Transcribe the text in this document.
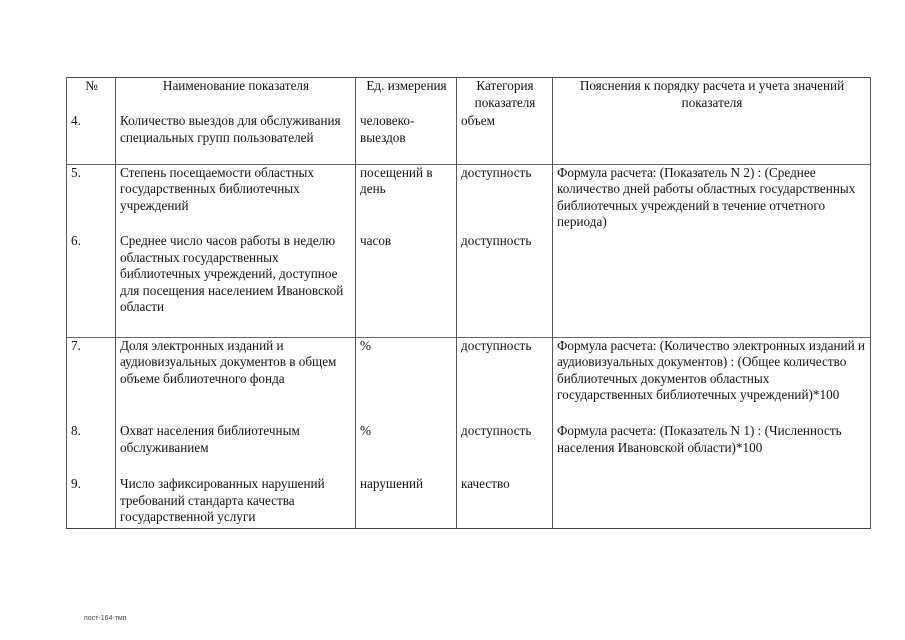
№	Наименование показателя	Ед. измерения	Категория показателя	Пояснения к порядку расчета и учета значений показателя
4.	Количество выездов для обслуживания специальных групп пользователей	человеко-выездов	объем	
5.	Степень посещаемости областных государственных библиотечных учреждений	посещений в день	доступность	Формула расчета: (Показатель N 2) : (Среднее количество дней работы областных государственных библиотечных учреждений в течение отчетного периода)
6.	Среднее число часов работы в неделю областных государственных библиотечных учреждений, доступное для посещения населением Ивановской области	часов	доступность	
7.	Доля электронных изданий и аудиовизуальных документов в общем объеме библиотечного фонда	%	доступность	Формула расчета: (Количество электронных изданий и аудиовизуальных документов) : (Общее количество библиотечных документов областных государственных библиотечных учреждений)*100
8.	Охват населения библиотечным обслуживанием	%	доступность	Формула расчета: (Показатель N 1) : (Численность населения Ивановской области)*100
9.	Число зафиксированных нарушений требований стандарта качества государственной услуги	нарушений	качество	
пост-164-тмп
